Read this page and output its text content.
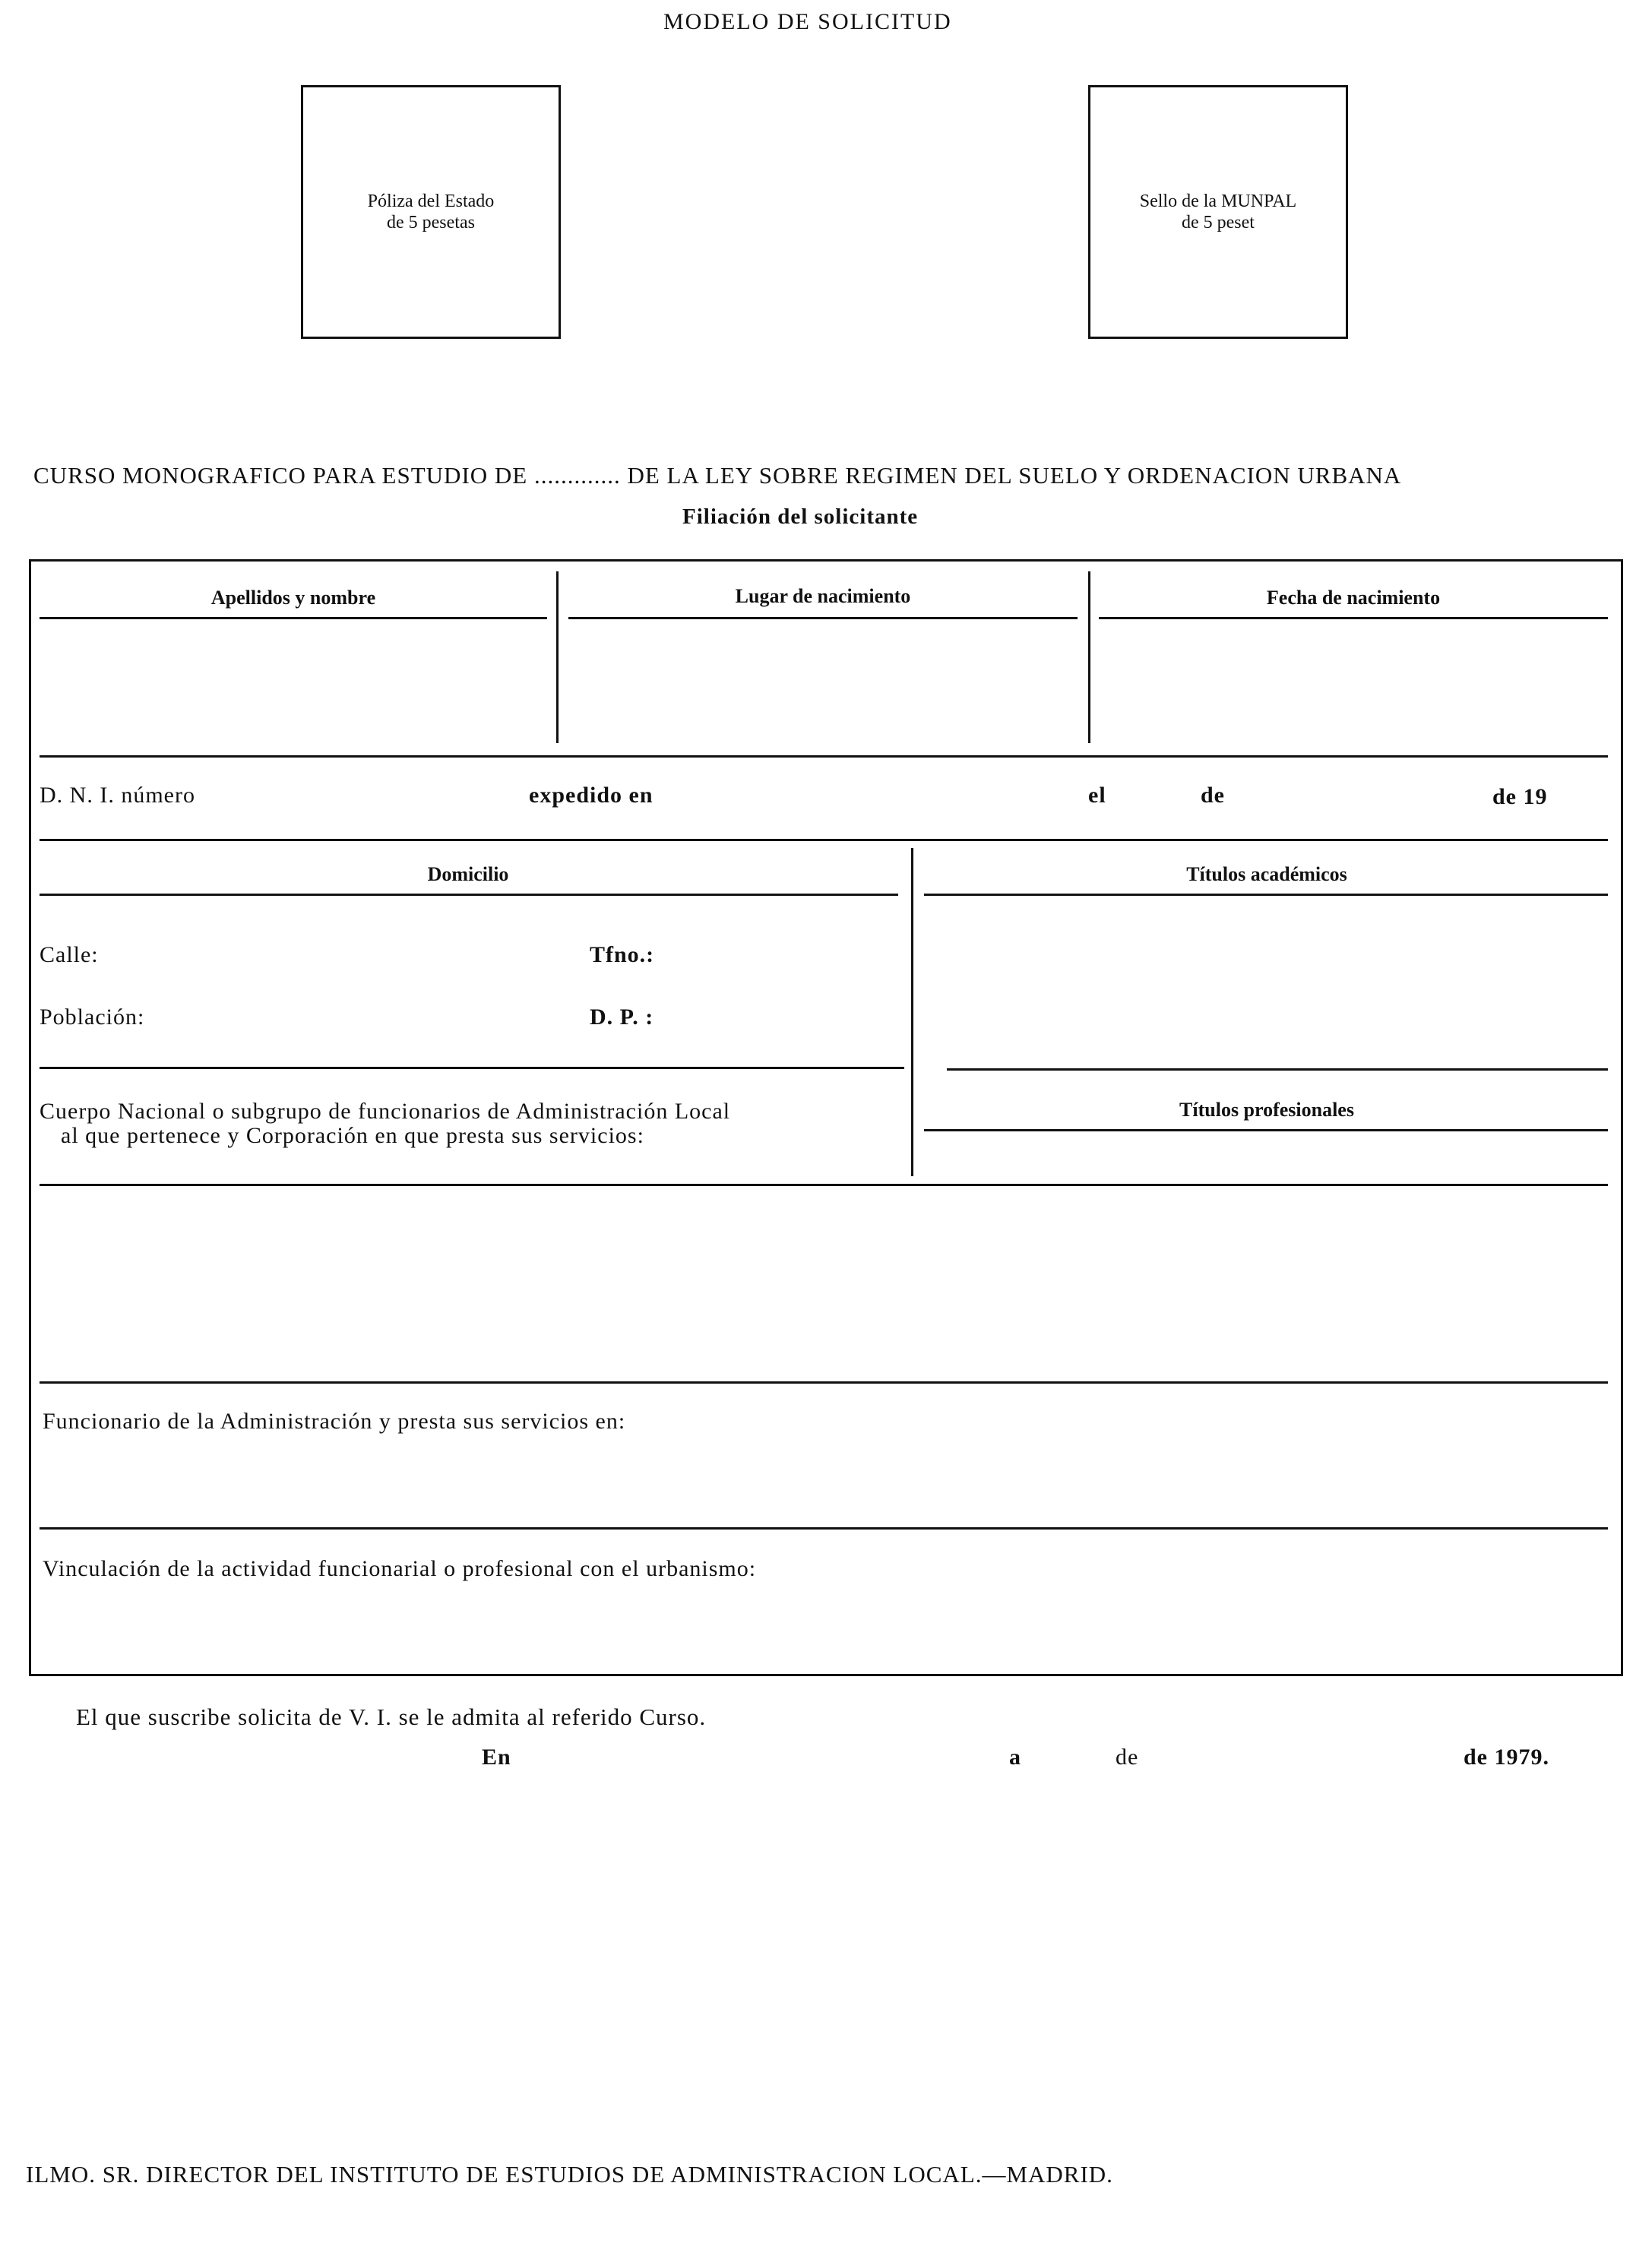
MODELO DE SOLICITUD
Póliza del Estado
de 5 pesetas
Sello de la MUNPAL
de 5 peset
CURSO MONOGRAFICO PARA ESTUDIO DE ............. DE LA LEY SOBRE REGIMEN DEL SUELO Y ORDENACION URBANA
Filiación del solicitante
Apellidos y nombre	Lugar de nacimiento	Fecha de nacimiento
D. N. I. número	expedido en	el	de	de 19
Domicilio	Títulos académicos
Calle:	Tfno.:
Población:	D. P. :
Cuerpo Nacional o subgrupo de funcionarios de Administración Local
al que pertenece y Corporación en que presta sus servicios:
Títulos profesionales
Funcionario de la Administración y presta sus servicios en:
Vinculación de la actividad funcionarial o profesional con el urbanismo:
El que suscribe solicita de V. I. se le admita al referido Curso.
En	a	de	de 1979.
ILMO. SR. DIRECTOR DEL INSTITUTO DE ESTUDIOS DE ADMINISTRACION LOCAL.—MADRID.
